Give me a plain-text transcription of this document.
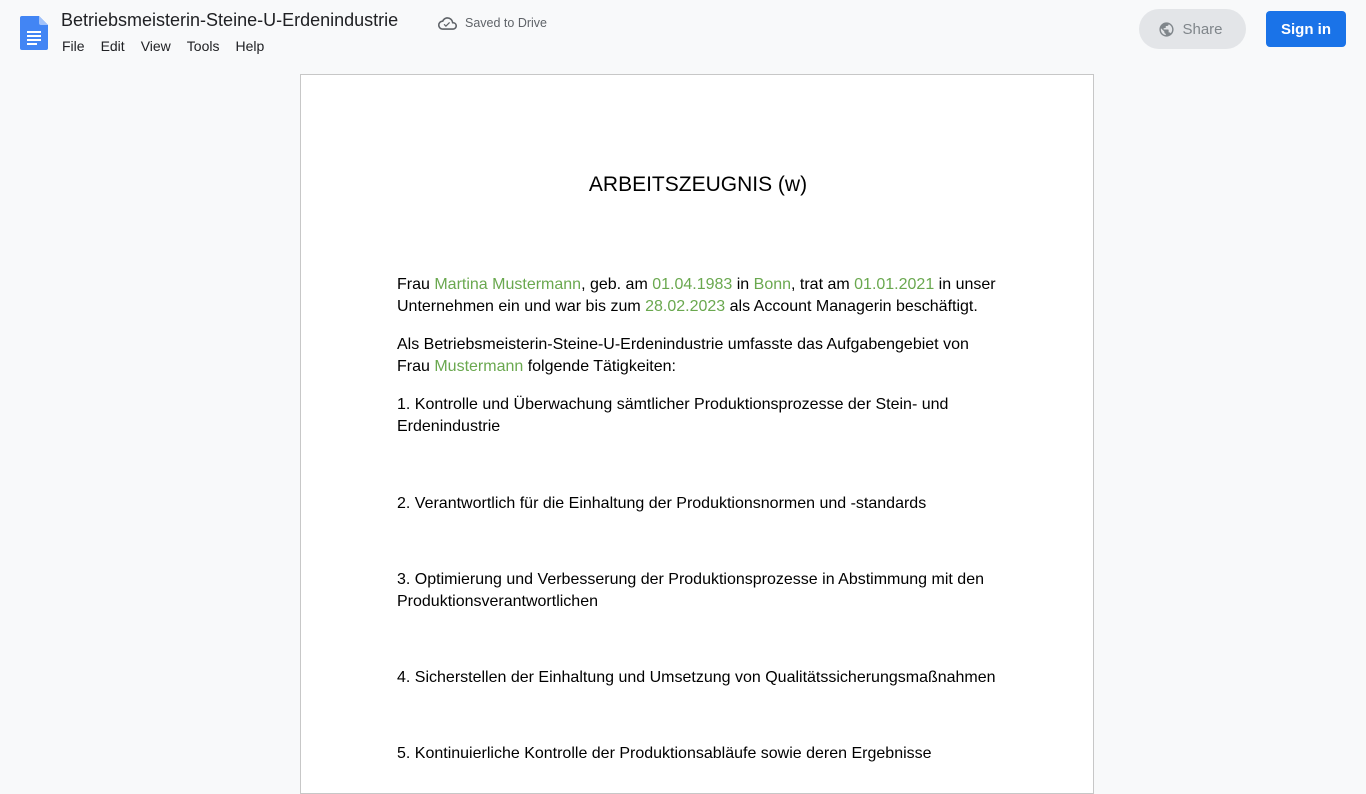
Betriebsmeisterin-Steine-U-Erdenindustrie	Saved to Drive
File	Edit	View	Tools	Help
Share	Sign in
ARBEITSZEUGNIS (w)

Frau Martina Mustermann, geb. am 01.04.1983 in Bonn, trat am 01.01.2021 in unser Unternehmen ein und war bis zum 28.02.2023 als Account Managerin beschäftigt.

Als Betriebsmeisterin-Steine-U-Erdenindustrie umfasste das Aufgabengebiet von Frau Mustermann folgende Tätigkeiten:

1. Kontrolle und Überwachung sämtlicher Produktionsprozesse der Stein- und Erdenindustrie

2. Verantwortlich für die Einhaltung der Produktionsnormen und -standards

3. Optimierung und Verbesserung der Produktionsprozesse in Abstimmung mit den Produktionsverantwortlichen

4. Sicherstellen der Einhaltung und Umsetzung von Qualitätssicherungsmaßnahmen

5. Kontinuierliche Kontrolle der Produktionsabläufe sowie deren Ergebnisse
